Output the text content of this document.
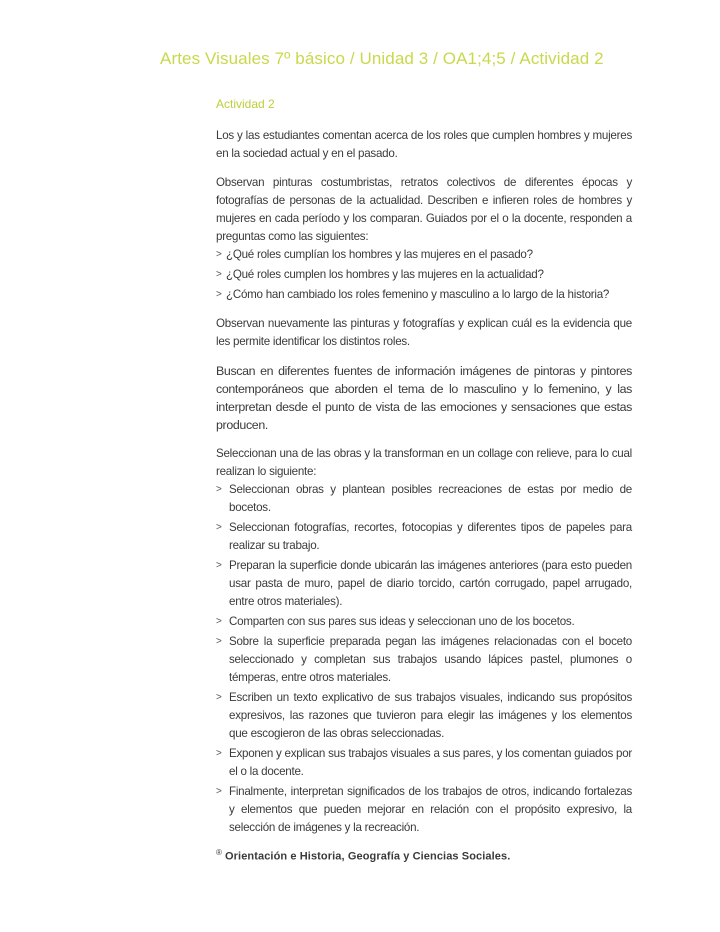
Artes Visuales 7º básico / Unidad 3 / OA1;4;5 / Actividad 2
Actividad 2

Los y las estudiantes comentan acerca de los roles que cumplen hombres y mujeres en la sociedad actual y en el pasado.

Observan pinturas costumbristas, retratos colectivos de diferentes épocas y fotografías de personas de la actualidad. Describen e infieren roles de hombres y mujeres en cada período y los comparan. Guiados por el o la docente, responden a preguntas como las siguientes:

> ¿Qué roles cumplían los hombres y las mujeres en el pasado?
> ¿Qué roles cumplen los hombres y las mujeres en la actualidad?
> ¿Cómo han cambiado los roles femenino y masculino a lo largo de la historia?

Observan nuevamente las pinturas y fotografías y explican cuál es la evidencia que les permite identificar los distintos roles.

Buscan en diferentes fuentes de información imágenes de pintoras y pintores contemporáneos que aborden el tema de lo masculino y lo femenino, y las interpretan desde el punto de vista de las emociones y sensaciones que estas producen.

Seleccionan una de las obras y la transforman en un collage con relieve, para lo cual realizan lo siguiente:

> Seleccionan obras y plantean posibles recreaciones de estas por medio de bocetos.
> Seleccionan fotografías, recortes, fotocopias y diferentes tipos de papeles para realizar su trabajo.
> Preparan la superficie donde ubicarán las imágenes anteriores (para esto pueden usar pasta de muro, papel de diario torcido, cartón corrugado, papel arrugado, entre otros materiales).
> Comparten con sus pares sus ideas y seleccionan uno de los bocetos.
> Sobre la superficie preparada pegan las imágenes relacionadas con el boceto seleccionado y completan sus trabajos usando lápices pastel, plumones o témperas, entre otros materiales.
> Escriben un texto explicativo de sus trabajos visuales, indicando sus propósitos expresivos, las razones que tuvieron para elegir las imágenes y los elementos que escogieron de las obras seleccionadas.
> Exponen y explican sus trabajos visuales a sus pares, y los comentan guiados por el o la docente.
> Finalmente, interpretan significados de los trabajos de otros, indicando fortalezas y elementos que pueden mejorar en relación con el propósito expresivo, la selección de imágenes y la recreación.
® Orientación e Historia, Geografía y Ciencias Sociales.
